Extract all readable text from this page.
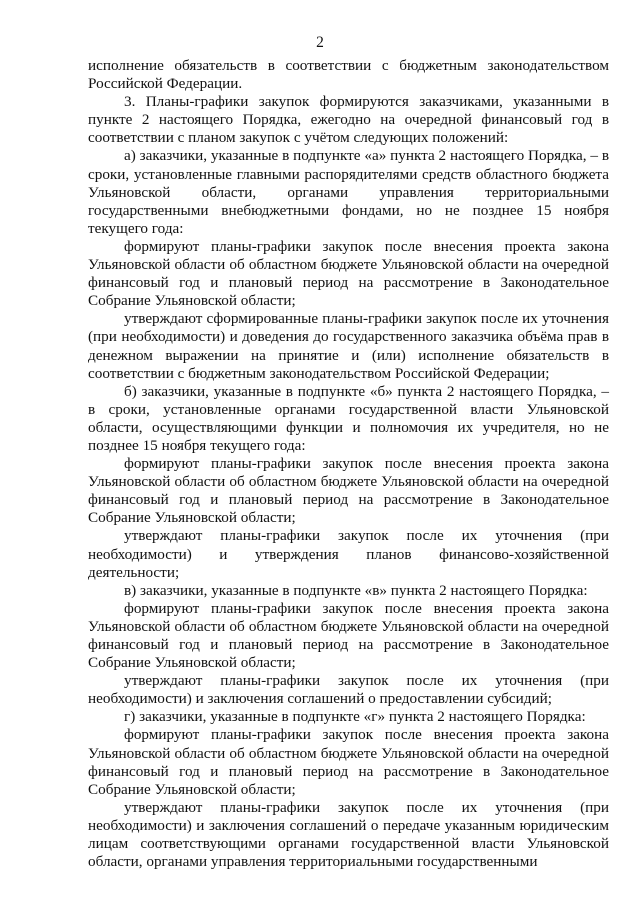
2

исполнение обязательств в соответствии с бюджетным законодательством Российской Федерации.

3. Планы-графики закупок формируются заказчиками, указанными в пункте 2 настоящего Порядка, ежегодно на очередной финансовый год в соответствии с планом закупок с учётом следующих положений:

а) заказчики, указанные в подпункте «а» пункта 2 настоящего Порядка, – в сроки, установленные главными распорядителями средств областного бюджета Ульяновской области, органами управления территориальными государственными внебюджетными фондами, но не позднее 15 ноября текущего года:

формируют планы-графики закупок после внесения проекта закона Ульяновской области об областном бюджете Ульяновской области на очередной финансовый год и плановый период на рассмотрение в Законодательное Собрание Ульяновской области;

утверждают сформированные планы-графики закупок после их уточнения (при необходимости) и доведения до государственного заказчика объёма прав в денежном выражении на принятие и (или) исполнение обязательств в соответствии с бюджетным законодательством Российской Федерации;

б) заказчики, указанные в подпункте «б» пункта 2 настоящего Порядка, – в сроки, установленные органами государственной власти Ульяновской области, осуществляющими функции и полномочия их учредителя, но не позднее 15 ноября текущего года:

формируют планы-графики закупок после внесения проекта закона Ульяновской области об областном бюджете Ульяновской области на очередной финансовый год и плановый период на рассмотрение в Законодательное Собрание Ульяновской области;

утверждают планы-графики закупок после их уточнения (при необходимости) и утверждения планов финансово-хозяйственной деятельности;

в) заказчики, указанные в подпункте «в» пункта 2 настоящего Порядка:

формируют планы-графики закупок после внесения проекта закона Ульяновской области об областном бюджете Ульяновской области на очередной финансовый год и плановый период на рассмотрение в Законодательное Собрание Ульяновской области;

утверждают планы-графики закупок после их уточнения (при необходимости) и заключения соглашений о предоставлении субсидий;

г) заказчики, указанные в подпункте «г» пункта 2 настоящего Порядка:

формируют планы-графики закупок после внесения проекта закона Ульяновской области об областном бюджете Ульяновской области на очередной финансовый год и плановый период на рассмотрение в Законодательное Собрание Ульяновской области;

утверждают планы-графики закупок после их уточнения (при необходимости) и заключения соглашений о передаче указанным юридическим лицам соответствующими органами государственной власти Ульяновской области, органами управления территориальными государственными
